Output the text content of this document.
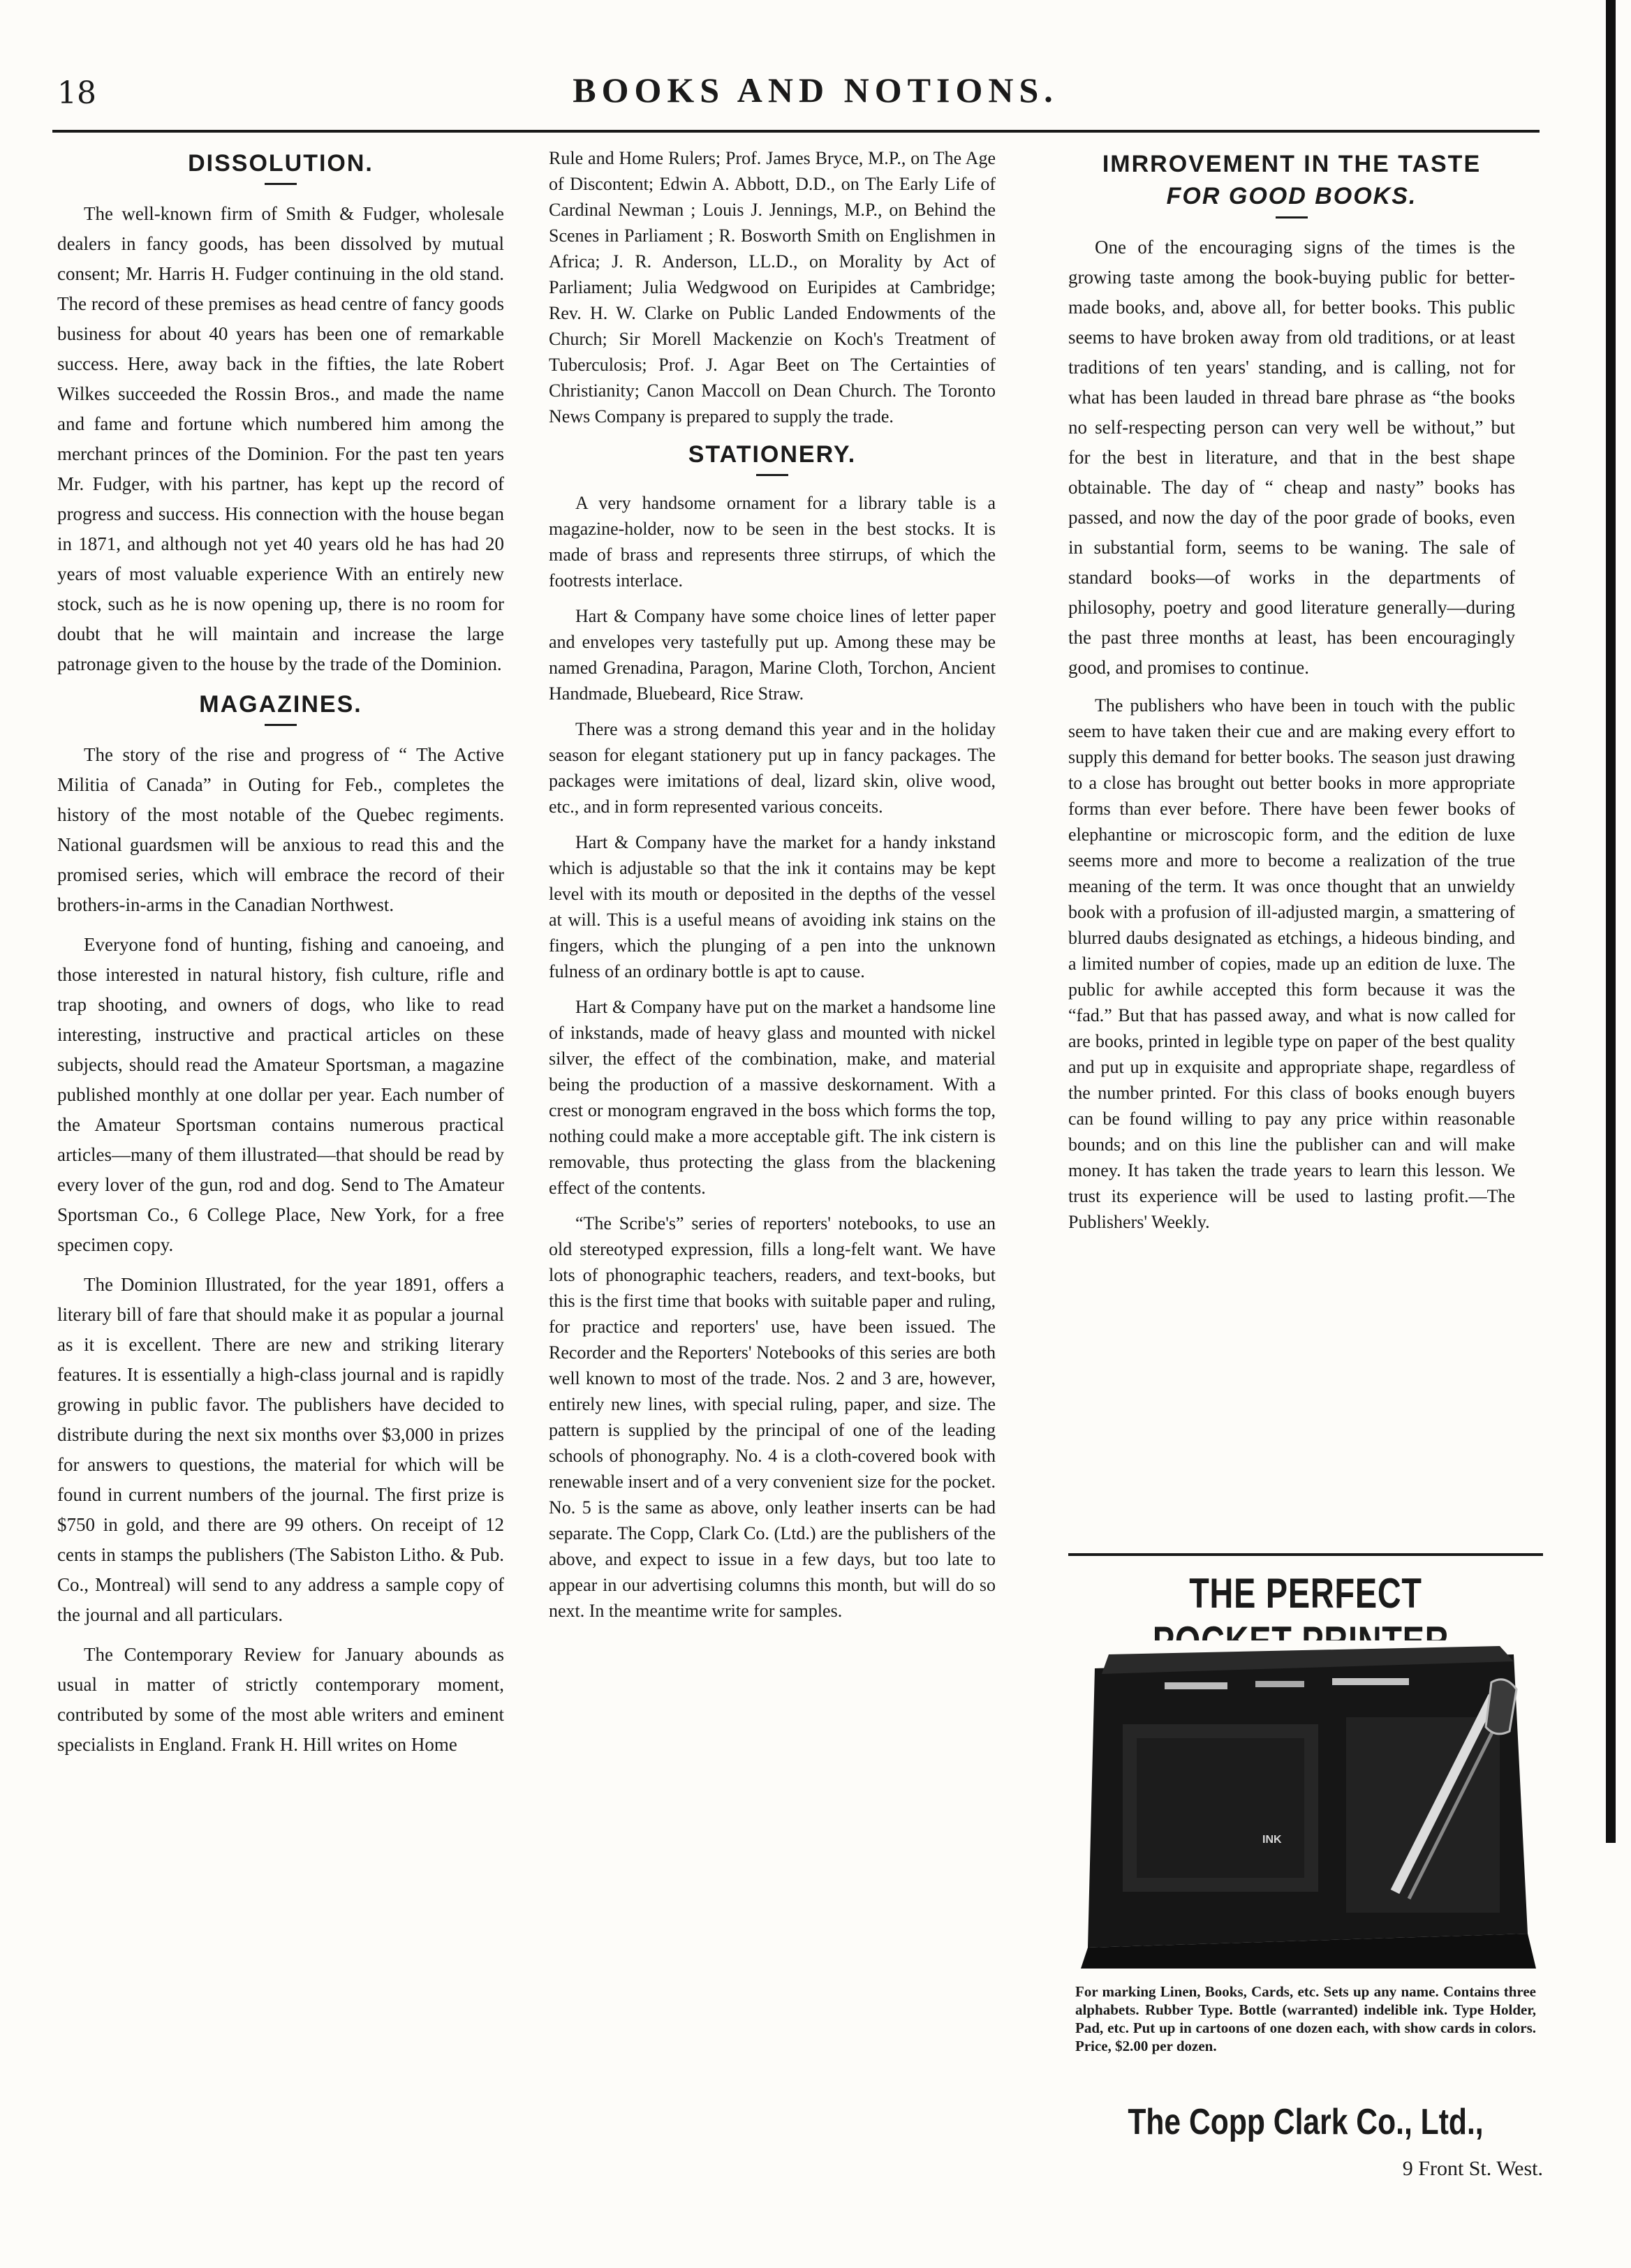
18	BOOKS AND NOTIONS.
DISSOLUTION.

The well-known firm of Smith & Fudger, wholesale dealers in fancy goods, has been dissolved by mutual consent; Mr. Harris H. Fudger continuing in the old stand. The record of these premises as head centre of fancy goods business for about 40 years has been one of remarkable success. Here, away back in the fifties, the late Robert Wilkes succeeded the Rossin Bros., and made the name and fame and fortune which numbered him among the merchant princes of the Dominion. For the past ten years Mr. Fudger, with his partner, has kept up the record of progress and success. His connection with the house began in 1871, and although not yet 40 years old he has had 20 years of most valuable experience With an entirely new stock, such as he is now opening up, there is no room for doubt that he will maintain and increase the large patronage given to the house by the trade of the Dominion.

MAGAZINES.

The story of the rise and progress of “ The Active Militia of Canada” in Outing for Feb., completes the history of the most notable of the Quebec regiments. National guardsmen will be anxious to read this and the promised series, which will embrace the record of their brothers-in-arms in the Canadian Northwest.

Everyone fond of hunting, fishing and canoeing, and those interested in natural history, fish culture, rifle and trap shooting, and owners of dogs, who like to read interesting, instructive and practical articles on these subjects, should read the Amateur Sportsman, a magazine published monthly at one dollar per year. Each number of the Amateur Sportsman contains numerous practical articles—many of them illustrated—that should be read by every lover of the gun, rod and dog. Send to The Amateur Sportsman Co., 6 College Place, New York, for a free specimen copy.

The Dominion Illustrated, for the year 1891, offers a literary bill of fare that should make it as popular a journal as it is excellent. There are new and striking literary features. It is essentially a high-class journal and is rapidly growing in public favor. The publishers have decided to distribute during the next six months over $3,000 in prizes for answers to questions, the material for which will be found in current numbers of the journal. The first prize is $750 in gold, and there are 99 others. On receipt of 12 cents in stamps the publishers (The Sabiston Litho. & Pub. Co., Montreal) will send to any address a sample copy of the journal and all particulars.

The Contemporary Review for January abounds as usual in matter of strictly contemporary moment, contributed by some of the most able writers and eminent specialists in England. Frank H. Hill writes on Home

Rule and Home Rulers; Prof. James Bryce, M.P., on The Age of Discontent; Edwin A. Abbott, D.D., on The Early Life of Cardinal Newman ; Louis J. Jennings, M.P., on Behind the Scenes in Parliament ; R. Bosworth Smith on Englishmen in Africa; J. R. Anderson, LL.D., on Morality by Act of Parliament; Julia Wedgwood on Euripides at Cambridge; Rev. H. W. Clarke on Public Landed Endowments of the Church; Sir Morell Mackenzie on Koch's Treatment of Tuberculosis; Prof. J. Agar Beet on The Certainties of Christianity; Canon Maccoll on Dean Church. The Toronto News Company is prepared to supply the trade.

STATIONERY.

A very handsome ornament for a library table is a magazine-holder, now to be seen in the best stocks. It is made of brass and represents three stirrups, of which the footrests interlace.

Hart & Company have some choice lines of letter paper and envelopes very tastefully put up. Among these may be named Grenadina, Paragon, Marine Cloth, Torchon, Ancient Handmade, Bluebeard, Rice Straw.

There was a strong demand this year and in the holiday season for elegant stationery put up in fancy packages. The packages were imitations of deal, lizard skin, olive wood, etc., and in form represented various conceits.

Hart & Company have the market for a handy inkstand which is adjustable so that the ink it contains may be kept level with its mouth or deposited in the depths of the vessel at will. This is a useful means of avoiding ink stains on the fingers, which the plunging of a pen into the unknown fulness of an ordinary bottle is apt to cause.

Hart & Company have put on the market a handsome line of inkstands, made of heavy glass and mounted with nickel silver, the effect of the combination, make, and material being the production of a massive deskornament. With a crest or monogram engraved in the boss which forms the top, nothing could make a more acceptable gift. The ink cistern is removable, thus protecting the glass from the blackening effect of the contents.

“The Scribe's” series of reporters' notebooks, to use an old stereotyped expression, fills a long-felt want. We have lots of phonographic teachers, readers, and text-books, but this is the first time that books with suitable paper and ruling, for practice and reporters' use, have been issued. The Recorder and the Reporters' Notebooks of this series are both well known to most of the trade. Nos. 2 and 3 are, however, entirely new lines, with special ruling, paper, and size. The pattern is supplied by the principal of one of the leading schools of phonography. No. 4 is a cloth-covered book with renewable insert and of a very convenient size for the pocket. No. 5 is the same as above, only leather inserts can be had separate. The Copp, Clark Co. (Ltd.) are the publishers of the above, and expect to issue in a few days, but too late to appear in our advertising columns this month, but will do so next. In the meantime write for samples.

IMRROVEMENT IN THE TASTE
FOR GOOD BOOKS.

One of the encouraging signs of the times is the growing taste among the book-buying public for better-made books, and, above all, for better books. This public seems to have broken away from old traditions, or at least traditions of ten years' standing, and is calling, not for what has been lauded in thread bare phrase as “the books no self-respecting person can very well be without,” but for the best in literature, and that in the best shape obtainable. The day of “ cheap and nasty” books has passed, and now the day of the poor grade of books, even in substantial form, seems to be waning. The sale of standard books—of works in the departments of philosophy, poetry and good literature generally—during the past three months at least, has been encouragingly good, and promises to continue.

The publishers who have been in touch with the public seem to have taken their cue and are making every effort to supply this demand for better books. The season just drawing to a close has brought out better books in more appropriate forms than ever before. There have been fewer books of elephantine or microscopic form, and the edition de luxe seems more and more to become a realization of the true meaning of the term. It was once thought that an unwieldy book with a profusion of ill-adjusted margin, a smattering of blurred daubs designated as etchings, a hideous binding, and a limited number of copies, made up an edition de luxe. The public for awhile accepted this form because it was the “fad.” But that has passed away, and what is now called for are books, printed in legible type on paper of the best quality and put up in exquisite and appropriate shape, regardless of the number printed. For this class of books enough buyers can be found willing to pay any price within reasonable bounds; and on this line the publisher can and will make money. It has taken the trade years to learn this lesson. We trust its experience will be used to lasting profit.—The Publishers' Weekly.

THE PERFECT
INK

For marking Linen, Books, Cards, etc. Sets up any name. Contains three alphabets. Rubber Type. Bottle (warranted) indelible ink. Type Holder, Pad, etc. Put up in cartoons of one dozen each, with show cards in colors. Price, $2.00 per dozen.

The Copp Clark Co., Ltd.,
9 Front St. West.
